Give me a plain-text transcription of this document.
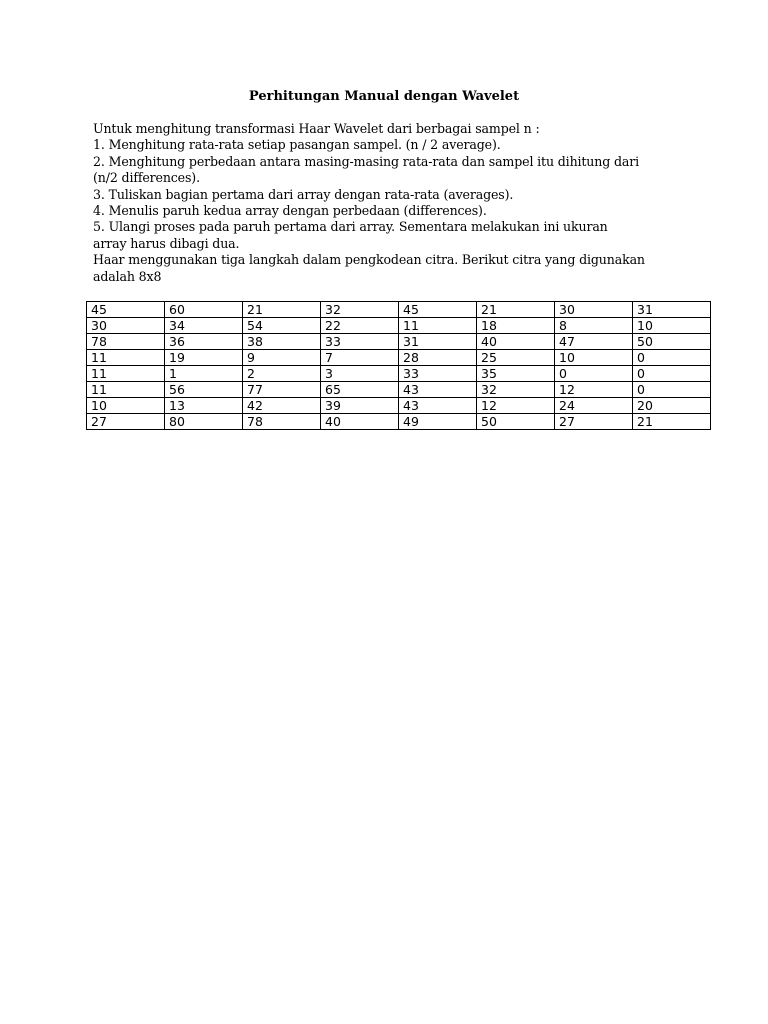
Perhitungan Manual dengan Wavelet
Untuk menghitung transformasi Haar Wavelet dari berbagai sampel n :
1. Menghitung rata-rata setiap pasangan sampel. (n / 2 average).
2. Menghitung perbedaan antara masing-masing rata-rata dan sampel itu dihitung dari
(n/2 differences).
3. Tuliskan bagian pertama dari array dengan rata-rata (averages).
4. Menulis paruh kedua array dengan perbedaan (differences).
5. Ulangi proses pada paruh pertama dari array. Sementara melakukan ini ukuran
array harus dibagi dua.
Haar menggunakan tiga langkah dalam pengkodean citra. Berikut citra yang digunakan
adalah 8x8
45	60	21	32	45	21	30	31
30	34	54	22	11	18	8	10
78	36	38	33	31	40	47	50
11	19	9	7	28	25	10	0
11	1	2	3	33	35	0	0
11	56	77	65	43	32	12	0
10	13	42	39	43	12	24	20
27	80	78	40	49	50	27	21
